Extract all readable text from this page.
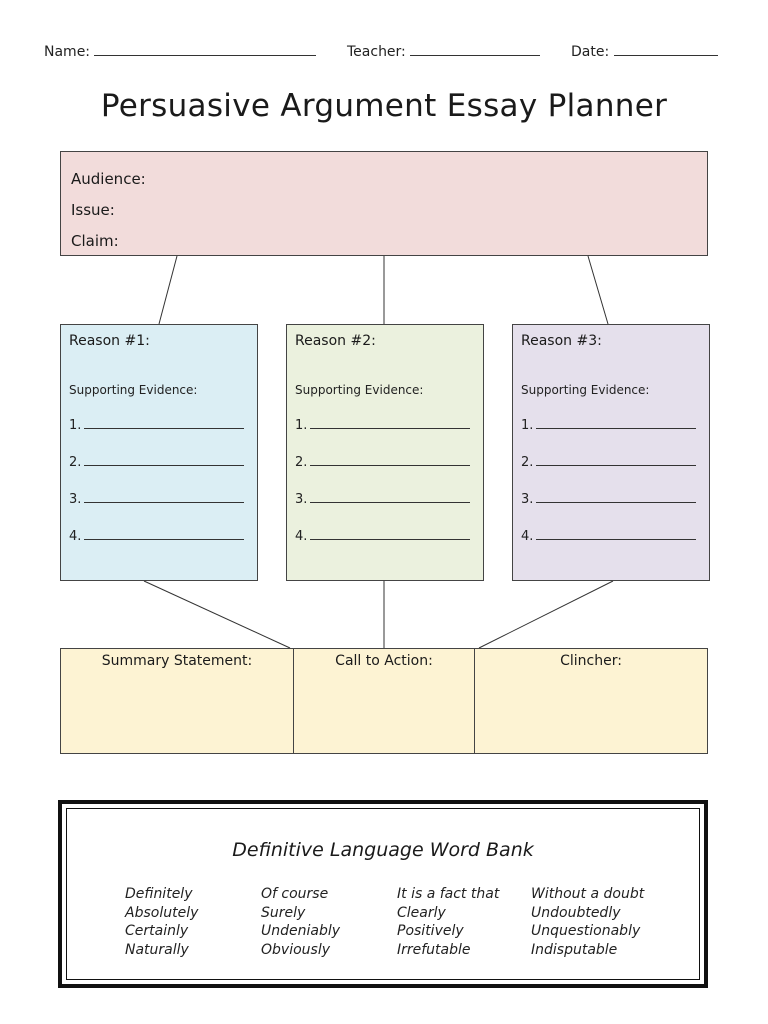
Name:	Teacher:	Date:
Persuasive Argument Essay Planner
Audience:
Issue:
Claim:
Reason #1:
Supporting Evidence:
1.
2.
3.
4.
Reason #2:
Supporting Evidence:
1.
2.
3.
4.
Reason #3:
Supporting Evidence:
1.
2.
3.
4.
Summary Statement:	Call to Action:	Clincher:
Definitive Language Word Bank
Definitely
Absolutely
Certainly
Naturally
Of course
Surely
Undeniably
Obviously
It is a fact that
Clearly
Positively
Irrefutable
Without a doubt
Undoubtedly
Unquestionably
Indisputable
